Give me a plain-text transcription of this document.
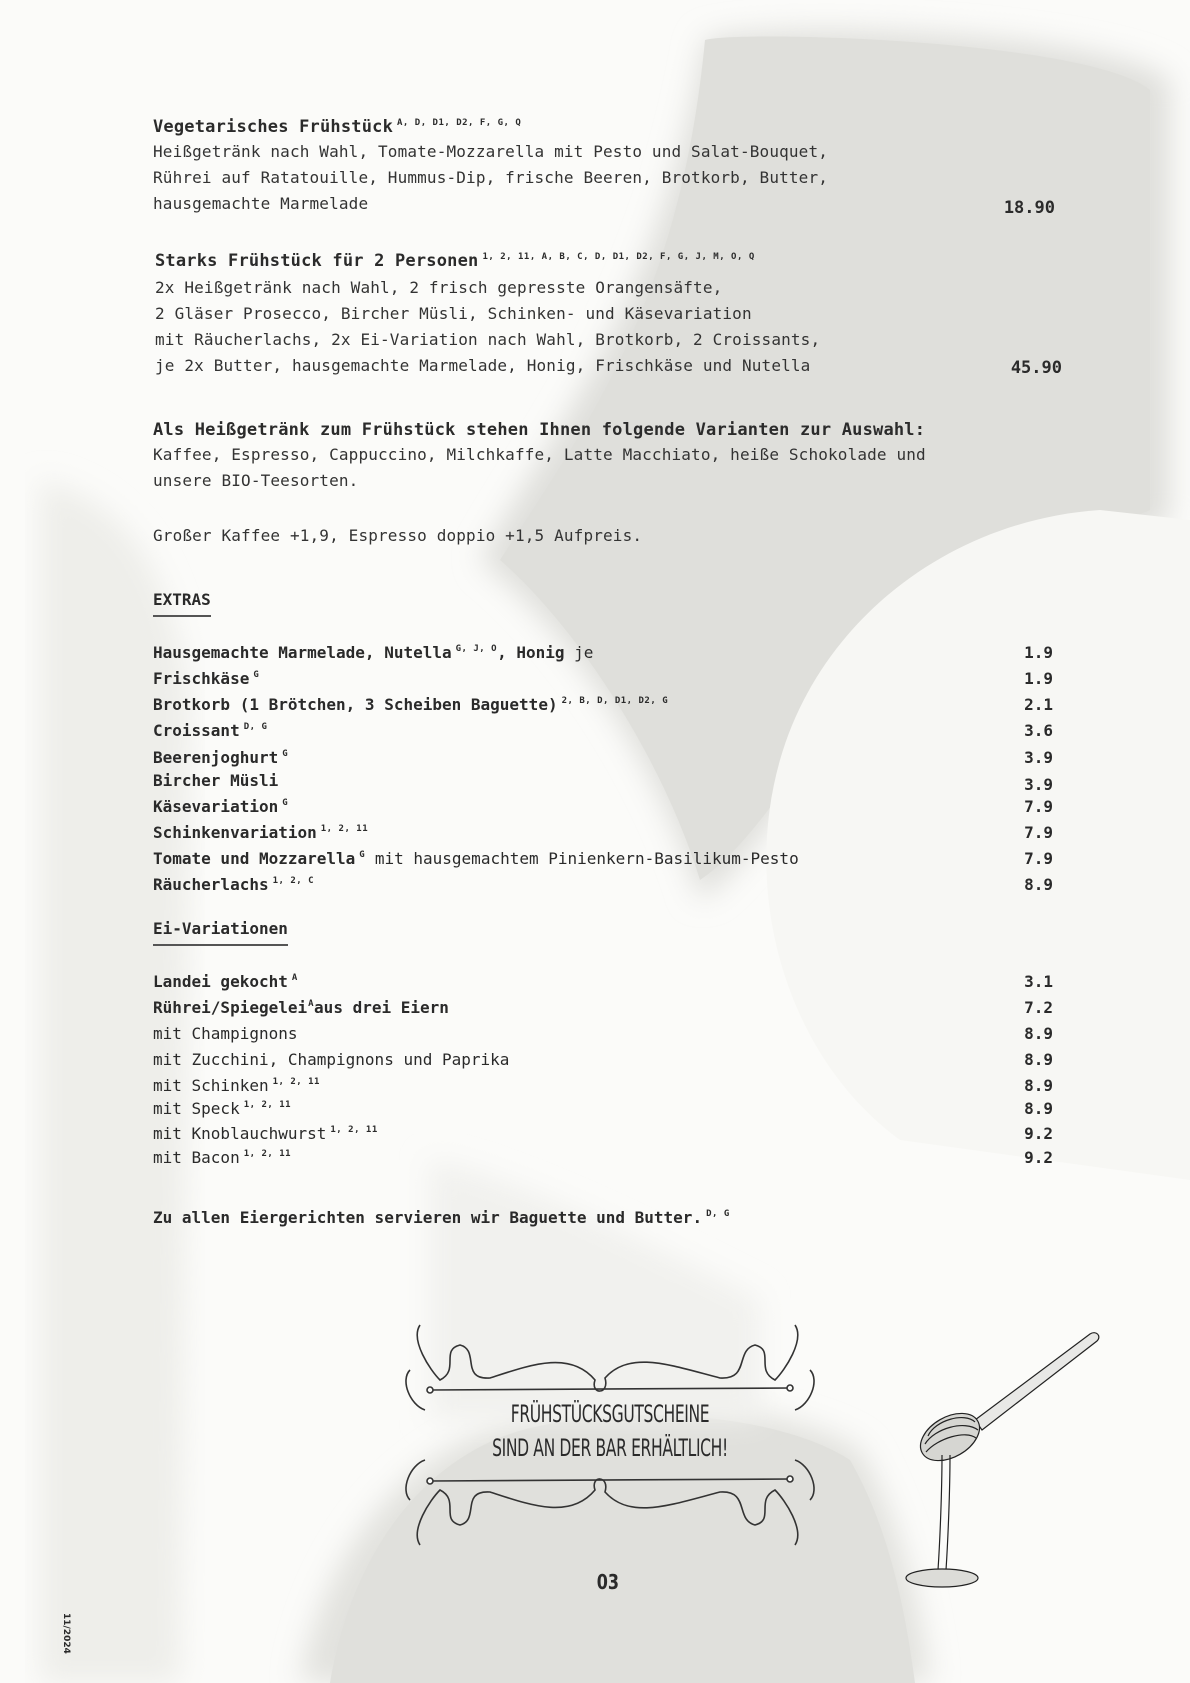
Vegetarisches Frühstück $^{A, D, D1, D2, F, G, Q}$
Heißgetränk nach Wahl, Tomate-Mozzarella mit Pesto und Salat-Bouquet,
Rührei auf Ratatouille, Hummus-Dip, frische Beeren, Brotkorb, Butter,
hausgemachte Marmelade	18.90
Starks Frühstück für 2 Personen $^{1, 2, 11, A, B, C, D, D1, D2, F, G, J, M, O, Q}$
2x Heißgetränk nach Wahl, 2 frisch gepresste Orangensäfte,
2 Gläser Prosecco, Bircher Müsli, Schinken- und Käsevariation
mit Räucherlachs, 2x Ei-Variation nach Wahl, Brotkorb, 2 Croissants,
je 2x Butter, hausgemachte Marmelade, Honig, Frischkäse und Nutella	45.90
Als Heißgetränk zum Frühstück stehen Ihnen folgende Varianten zur Auswahl:
Kaffee, Espresso, Cappuccino, Milchkaffe, Latte Macchiato, heiße Schokolade und
unsere BIO-Teesorten.
Großer Kaffee +1,9, Espresso doppio +1,5 Aufpreis.
EXTRAS
Hausgemachte Marmelade, Nutella $^{G, J, O}$, Honig je	1.9
Frischkäse $^G$	1.9
Brotkorb (1 Brötchen, 3 Scheiben Baguette) $^{2, B, D, D1, D2, G}$	2.1
Croissant $^{D, G}$	3.6
Beerenjoghurt $^G$	3.9
Bircher Müsli	3.9
Käsevariation $^G$	7.9
Schinkenvariation $^{1, 2, 11}$	7.9
Tomate und Mozzarella $^G$ mit hausgemachtem Pinienkern-Basilikum-Pesto	7.9
Räucherlachs $^{1, 2, C}$	8.9
Ei-Variationen
Landei gekocht $^A$	3.1
Rührei/Spiegelei$^A$aus drei Eiern	7.2
mit Champignons	8.9
mit Zucchini, Champignons und Paprika	8.9
mit Schinken $^{1, 2, 11}$	8.9
mit Speck $^{1, 2, 11}$	8.9
mit Knoblauchwurst $^{1, 2, 11}$	9.2
mit Bacon $^{1, 2, 11}$	9.2
Zu allen Eiergerichten servieren wir Baguette und Butter. $^{D, G}$
FRÜHSTÜCKSGUTSCHEINE
SIND AN DER BAR ERHÄLTLICH!
03
11/2024
